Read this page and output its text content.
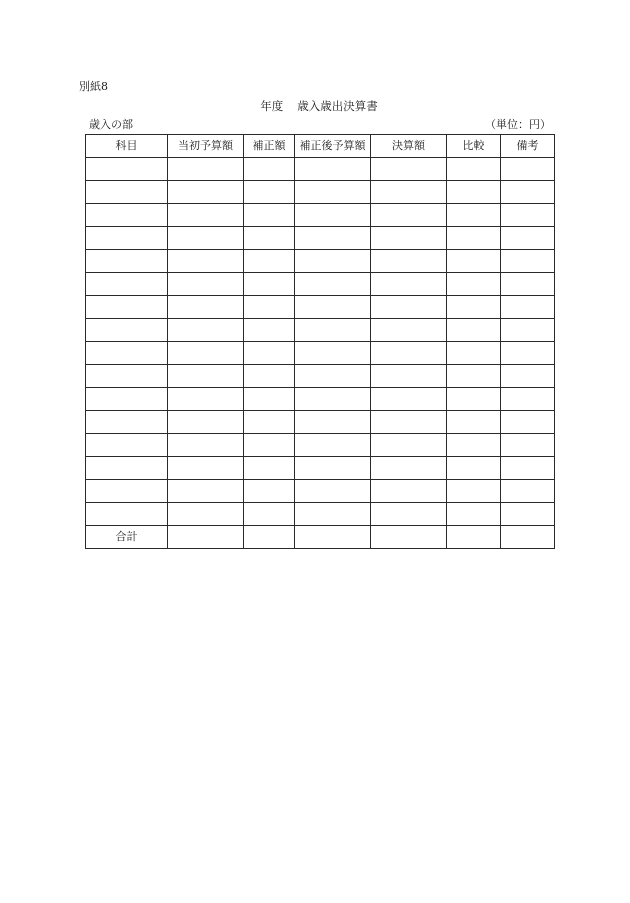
別紙8
年度 歳入歳出決算書
歳入の部	（単位：円）
科目	当初予算額	補正額	補正後予算額	決算額	比較	備考

合計						
